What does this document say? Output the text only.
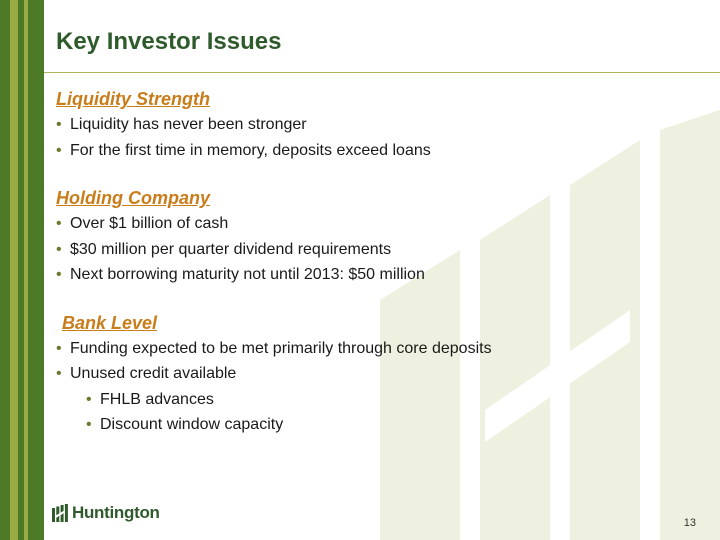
Key Investor Issues
Liquidity Strength
• Liquidity has never been stronger
• For the first time in memory, deposits exceed loans
Holding Company
• Over $1 billion of cash
• $30 million per quarter dividend requirements
• Next borrowing maturity not until 2013: $50 million
Bank Level
• Funding expected to be met primarily through core deposits
• Unused credit available
• FHLB advances
• Discount window capacity
Huntington
13
